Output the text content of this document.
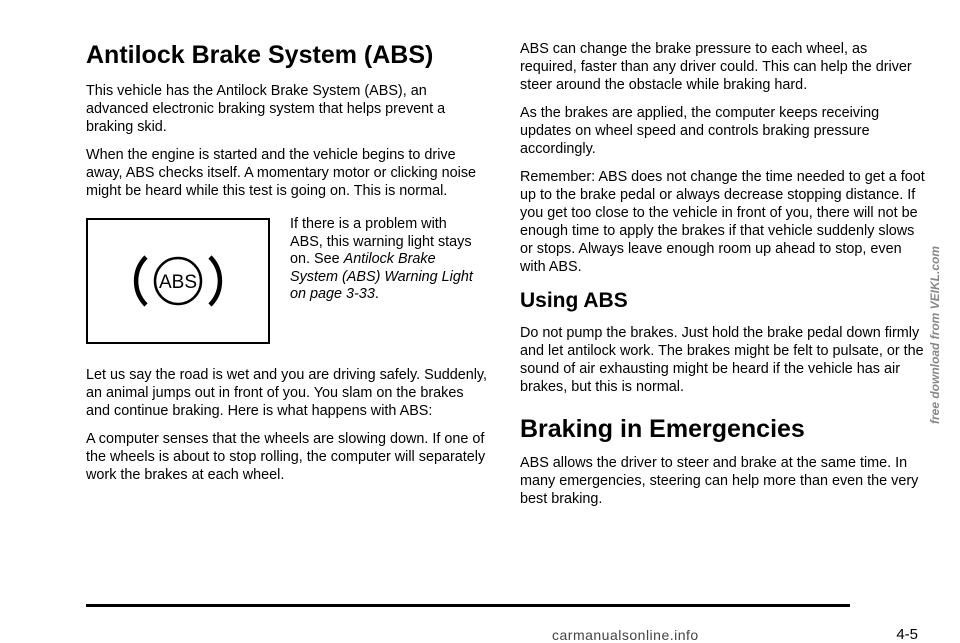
Antilock Brake System (ABS)

This vehicle has the Antilock Brake System (ABS), an advanced electronic braking system that helps prevent a braking skid.

When the engine is started and the vehicle begins to drive away, ABS checks itself. A momentary motor or clicking noise might be heard while this test is going on. This is normal.

ABS
If there is a problem with ABS, this warning light stays on. See Antilock Brake System (ABS) Warning Light on page 3-33.

Let us say the road is wet and you are driving safely. Suddenly, an animal jumps out in front of you. You slam on the brakes and continue braking. Here is what happens with ABS:

A computer senses that the wheels are slowing down. If one of the wheels is about to stop rolling, the computer will separately work the brakes at each wheel.

ABS can change the brake pressure to each wheel, as required, faster than any driver could. This can help the driver steer around the obstacle while braking hard.

As the brakes are applied, the computer keeps receiving updates on wheel speed and controls braking pressure accordingly.

Remember: ABS does not change the time needed to get a foot up to the brake pedal or always decrease stopping distance. If you get too close to the vehicle in front of you, there will not be enough time to apply the brakes if that vehicle suddenly slows or stops. Always leave enough room up ahead to stop, even with ABS.

Using ABS

Do not pump the brakes. Just hold the brake pedal down firmly and let antilock work. The brakes might be felt to pulsate, or the sound of air exhausting might be heard if the vehicle has air brakes, but this is normal.

Braking in Emergencies

ABS allows the driver to steer and brake at the same time. In many emergencies, steering can help more than even the very best braking.

free download from VEIKL.com
carmanualsonline.info	4-5
